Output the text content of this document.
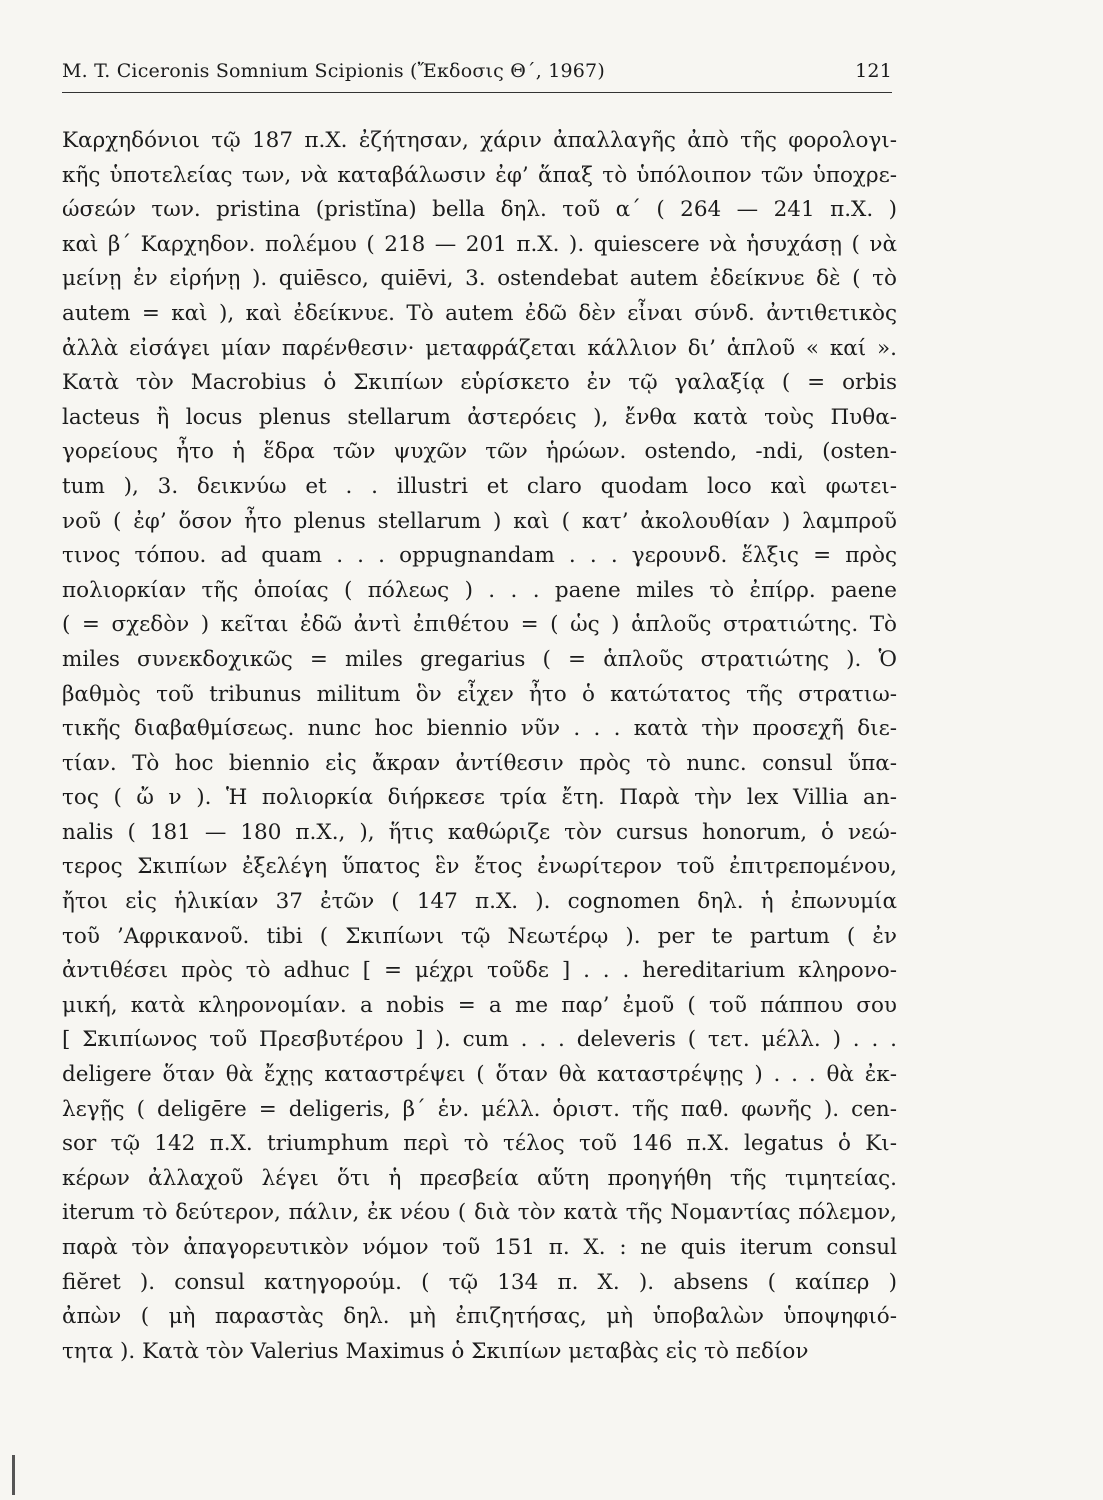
M. T. Ciceronis Somnium Scipionis (Ἔκδοσις Θ΄, 1967)	121
Καρχηδόνιοι τῷ 187 π.Χ. ἐζήτησαν, χάριν ἀπαλλαγῆς ἀπὸ τῆς φορολογι-
κῆς ὑποτελείας των, νὰ καταβάλωσιν ἐφ’ ἅπαξ τὸ ὑπόλοιπον τῶν ὑποχρε-
ώσεών των. pristina (pristĭna) bella δηλ. τοῦ α΄ ( 264 — 241 π.Χ. )
καὶ β΄ Καρχηδον. πολέμου ( 218 — 201 π.Χ. ). quiescere νὰ ἡσυχάσῃ ( νὰ
μείνῃ ἐν εἰρήνῃ ). quiēsco, quiēvi, 3. ostendebat autem ἐδείκνυε δὲ ( τὸ
autem = καὶ ), καὶ ἐδείκνυε. Τὸ autem ἐδῶ δὲν εἶναι σύνδ. ἀντιθετικὸς
ἀλλὰ εἰσάγει μίαν παρένθεσιν· μεταφράζεται κάλλιον δι’ ἁπλοῦ « καί ».
Κατὰ τὸν Macrobius ὁ Σκιπίων εὑρίσκετο ἐν τῷ γαλαξίᾳ ( = orbis
lacteus ἢ locus plenus stellarum ἀστερόεις ), ἔνθα κατὰ τοὺς Πυθα-
γορείους ἦτο ἡ ἕδρα τῶν ψυχῶν τῶν ἡρώων. ostendo, -ndi, (osten-
tum ), 3. δεικνύω et . . illustri et claro quodam loco καὶ φωτει-
νοῦ ( ἐφ’ ὅσον ἦτο plenus stellarum ) καὶ ( κατ’ ἀκολουθίαν ) λαμπροῦ
τινος τόπου. ad quam . . . oppugnandam . . . γερουνδ. ἕλξις = πρὸς
πολιορκίαν τῆς ὁποίας ( πόλεως ) . . . paene miles τὸ ἐπίρρ. paene
( = σχεδὸν ) κεῖται ἐδῶ ἀντὶ ἐπιθέτου = ( ὡς ) ἁπλοῦς στρατιώτης. Τὸ
miles συνεκδοχικῶς = miles gregarius ( = ἁπλοῦς στρατιώτης ). Ὁ
βαθμὸς τοῦ tribunus militum ὃν εἶχεν ἦτο ὁ κατώτατος τῆς στρατιω-
τικῆς διαβαθμίσεως. nunc hoc biennio νῦν . . . κατὰ τὴν προσεχῆ διε-
τίαν. Τὸ hoc biennio εἰς ἄκραν ἀντίθεσιν πρὸς τὸ nunc. consul ὕπα-
τος ( ὤ ν ). Ἡ πολιορκία διήρκεσε τρία ἔτη. Παρὰ τὴν lex Villia an-
nalis ( 181 — 180 π.Χ., ), ἥτις καθώριζε τὸν cursus honorum, ὁ νεώ-
τερος Σκιπίων ἐξελέγη ὕπατος ἓν ἔτος ἐνωρίτερον τοῦ ἐπιτρεπομένου,
ἤτοι εἰς ἡλικίαν 37 ἐτῶν ( 147 π.Χ. ). cognomen δηλ. ἡ ἐπωνυμία
τοῦ ’Αφρικανοῦ. tibi ( Σκιπίωνι τῷ Νεωτέρῳ ). per te partum ( ἐν
ἀντιθέσει πρὸς τὸ adhuc [ = μέχρι τοῦδε ] . . . hereditarium κληρονο-
μική, κατὰ κληρονομίαν. a nobis = a me παρ’ ἐμοῦ ( τοῦ πάππου σου
[ Σκιπίωνος τοῦ Πρεσβυτέρου ] ). cum . . . deleveris ( τετ. μέλλ. ) . . .
deligere ὅταν θὰ ἔχῃς καταστρέψει ( ὅταν θὰ καταστρέψῃς ) . . . θὰ ἐκ-
λεγῇς ( deligēre = deligeris, β΄ ἑν. μέλλ. ὁριστ. τῆς παθ. φωνῆς ). cen-
sor τῷ 142 π.Χ. triumphum περὶ τὸ τέλος τοῦ 146 π.Χ. legatus ὁ Κι-
κέρων ἀλλαχοῦ λέγει ὅτι ἡ πρεσβεία αὕτη προηγήθη τῆς τιμητείας.
iterum τὸ δεύτερον, πάλιν, ἐκ νέου ( διὰ τὸν κατὰ τῆς Νομαντίας πόλεμον,
παρὰ τὸν ἀπαγορευτικὸν νόμον τοῦ 151 π. Χ. : ne quis iterum consul
fiĕret ). consul κατηγορούμ. ( τῷ 134 π. Χ. ). absens ( καίπερ )
ἀπὼν ( μὴ παραστὰς δηλ. μὴ ἐπιζητήσας, μὴ ὑποβαλὼν ὑποψηφιό-
τητα ). Κατὰ τὸν Valerius Maximus ὁ Σκιπίων μεταβὰς εἰς τὸ πεδίον
